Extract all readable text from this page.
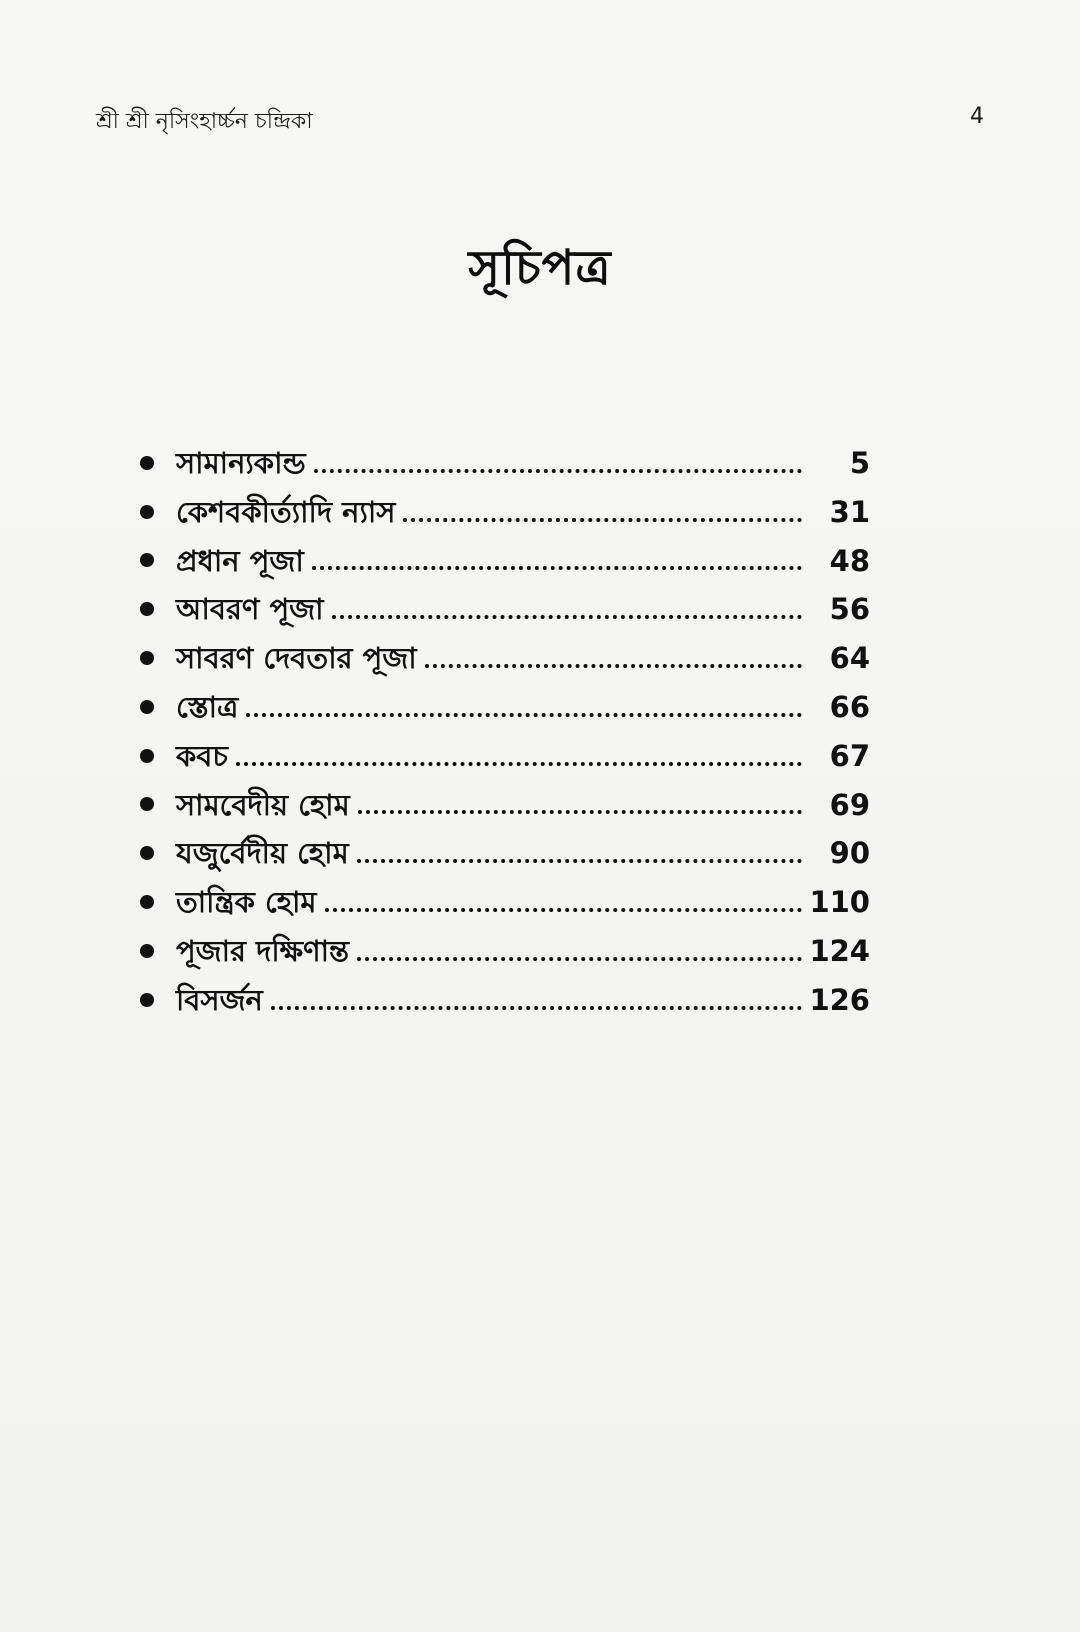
শ্রী শ্রী নৃসিংহার্চ্চন চন্দ্রিকা	4
সূচিপত্র
সামান্যকান্ড	5
কেশবকীর্ত্যাদি ন্যাস	31
প্রধান পূজা	48
আবরণ পূজা	56
সাবরণ দেবতার পূজা	64
স্তোত্র	66
কবচ	67
সামবেদীয় হোম	69
যজুর্বেদীয় হোম	90
তান্ত্রিক হোম	110
পূজার দক্ষিণান্ত	124
বিসর্জন	126
